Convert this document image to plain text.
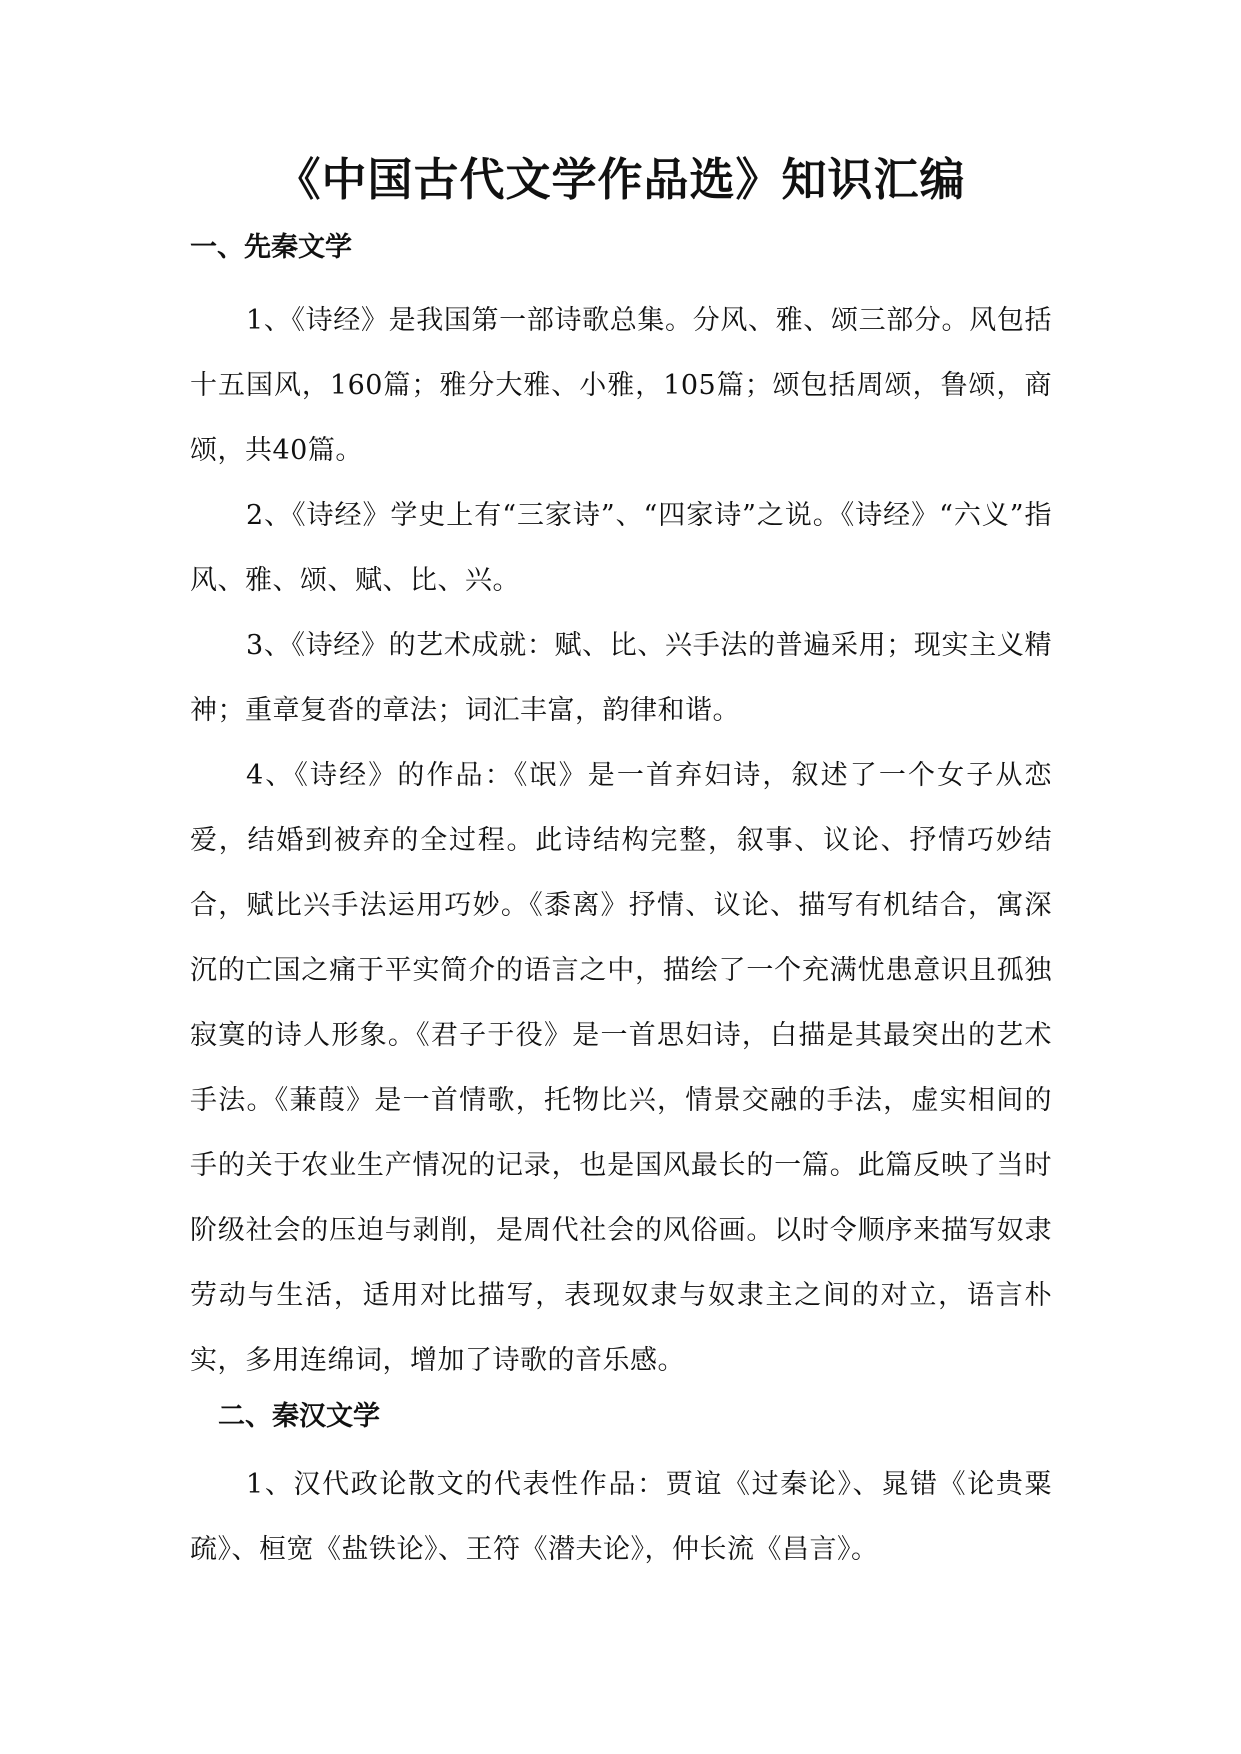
《中国古代文学作品选》知识汇编
一、先秦文学

1、《诗经》是我国第一部诗歌总集。分风、雅、颂三部分。风包括十五国风，160篇；雅分大雅、小雅，105篇；颂包括周颂，鲁颂，商颂，共40篇。

2、《诗经》学史上有“三家诗”、“四家诗”之说。《诗经》“六义”指风、雅、颂、赋、比、兴。

3、《诗经》的艺术成就：赋、比、兴手法的普遍采用；现实主义精神；重章复沓的章法；词汇丰富，韵律和谐。

4、《诗经》的作品：《氓》是一首弃妇诗，叙述了一个女子从恋爱，结婚到被弃的全过程。此诗结构完整，叙事、议论、抒情巧妙结合，赋比兴手法运用巧妙。《黍离》抒情、议论、描写有机结合，寓深沉的亡国之痛于平实简介的语言之中，描绘了一个充满忧患意识且孤独寂寞的诗人形象。《君子于役》是一首思妇诗，白描是其最突出的艺术手法。《蒹葭》是一首情歌，托物比兴，情景交融的手法，虚实相间的手的关于农业生产情况的记录，也是国风最长的一篇。此篇反映了当时阶级社会的压迫与剥削，是周代社会的风俗画。以时令顺序来描写奴隶劳动与生活，适用对比描写，表现奴隶与奴隶主之间的对立，语言朴实，多用连绵词，增加了诗歌的音乐感。

二、秦汉文学

1、汉代政论散文的代表性作品：贾谊《过秦论》、晁错《论贵粟疏》、桓宽《盐铁论》、王符《潜夫论》，仲长流《昌言》。
